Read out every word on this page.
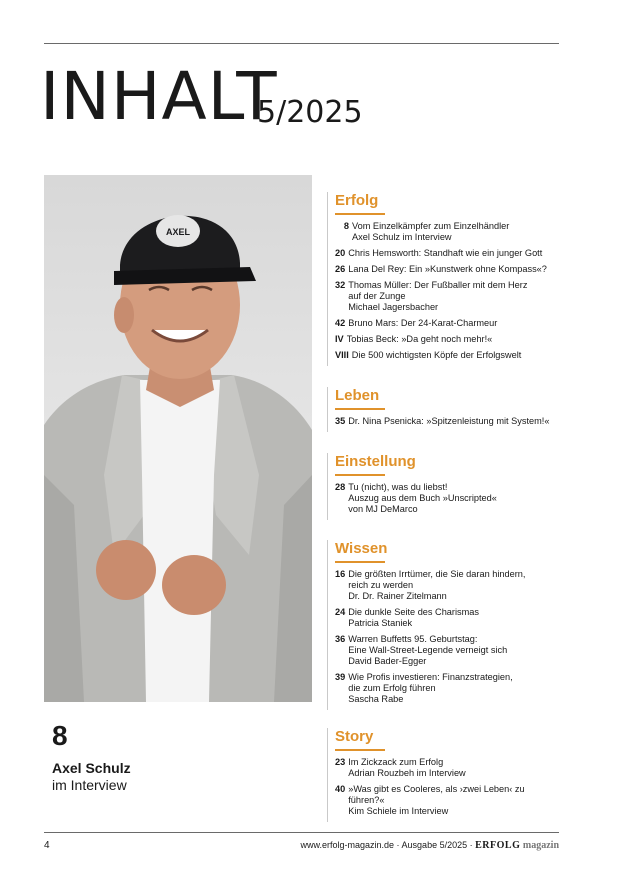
INHALT
5/2025
AXEL
8
Axel Schulz
im Interview
Erfolg
8 Vom Einzelkämpfer zum Einzelhändler
Axel Schulz im Interview
20 Chris Hemsworth: Standhaft wie ein junger Gott
26 Lana Del Rey: Ein »Kunstwerk ohne Kompass«?
32 Thomas Müller: Der Fußballer mit dem Herz
auf der Zunge
Michael Jagersbacher
42 Bruno Mars: Der 24-Karat-Charmeur
IV Tobias Beck: »Da geht noch mehr!«
VIII Die 500 wichtigsten Köpfe der Erfolgswelt
Leben
35 Dr. Nina Psenicka: »Spitzenleistung mit System!«
Einstellung
28 Tu (nicht), was du liebst!
Auszug aus dem Buch »Unscripted«
von MJ DeMarco
Wissen
16 Die größten Irrtümer, die Sie daran hindern,
reich zu werden
Dr. Dr. Rainer Zitelmann
24 Die dunkle Seite des Charismas
Patricia Staniek
36 Warren Buffetts 95. Geburtstag:
Eine Wall-Street-Legende verneigt sich
David Bader-Egger
39 Wie Profis investieren: Finanzstrategien,
die zum Erfolg führen
Sascha Rabe
Story
23 Im Zickzack zum Erfolg
Adrian Rouzbeh im Interview
40 »Was gibt es Cooleres, als ›zwei Leben‹ zu führen?«
Kim Schiele im Interview
4	www.erfolg-magazin.de · Ausgabe 5/2025 · ERFOLG magazin
